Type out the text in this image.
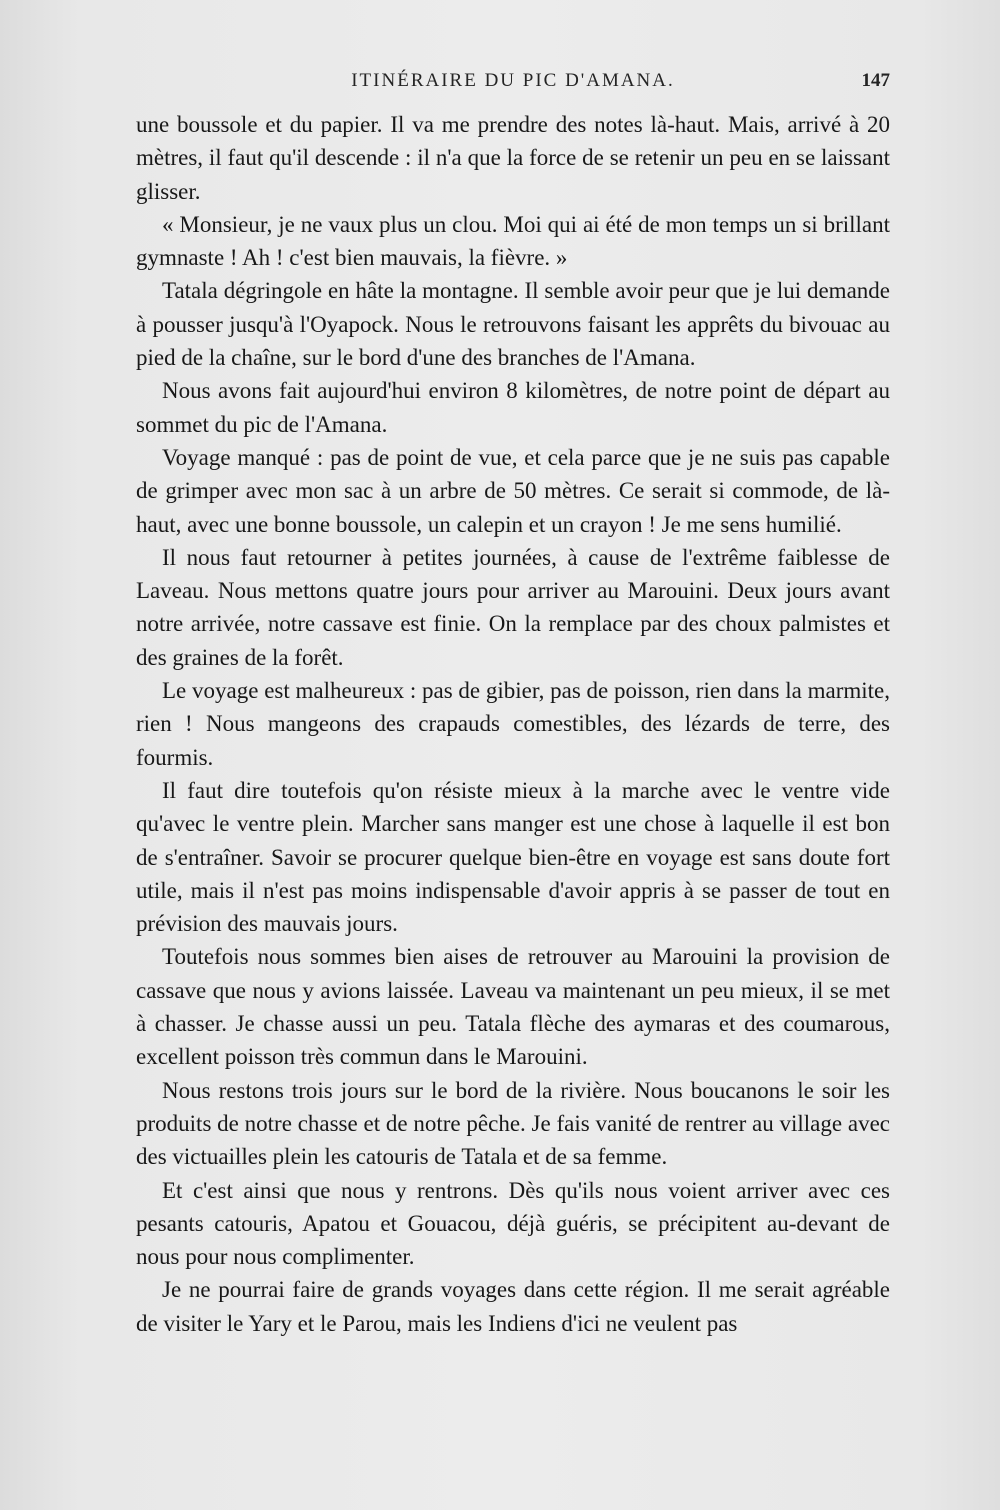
ITINÉRAIRE DU PIC D'AMANA.	147

une boussole et du papier. Il va me prendre des notes là-haut. Mais, arrivé à 20 mètres, il faut qu'il descende : il n'a que la force de se retenir un peu en se laissant glisser.

« Monsieur, je ne vaux plus un clou. Moi qui ai été de mon temps un si brillant gymnaste ! Ah ! c'est bien mauvais, la fièvre. »

Tatala dégringole en hâte la montagne. Il semble avoir peur que je lui demande à pousser jusqu'à l'Oyapock. Nous le retrouvons faisant les apprêts du bivouac au pied de la chaîne, sur le bord d'une des branches de l'Amana.

Nous avons fait aujourd'hui environ 8 kilomètres, de notre point de départ au sommet du pic de l'Amana.

Voyage manqué : pas de point de vue, et cela parce que je ne suis pas capable de grimper avec mon sac à un arbre de 50 mètres. Ce serait si commode, de là-haut, avec une bonne boussole, un calepin et un crayon ! Je me sens humilié.

Il nous faut retourner à petites journées, à cause de l'extrême faiblesse de Laveau. Nous mettons quatre jours pour arriver au Marouini. Deux jours avant notre arrivée, notre cassave est finie. On la remplace par des choux palmistes et des graines de la forêt.

Le voyage est malheureux : pas de gibier, pas de poisson, rien dans la marmite, rien ! Nous mangeons des crapauds comestibles, des lézards de terre, des fourmis.

Il faut dire toutefois qu'on résiste mieux à la marche avec le ventre vide qu'avec le ventre plein. Marcher sans manger est une chose à laquelle il est bon de s'entraîner. Savoir se procurer quelque bien-être en voyage est sans doute fort utile, mais il n'est pas moins indispensable d'avoir appris à se passer de tout en prévision des mauvais jours.

Toutefois nous sommes bien aises de retrouver au Marouini la provision de cassave que nous y avions laissée. Laveau va maintenant un peu mieux, il se met à chasser. Je chasse aussi un peu. Tatala flèche des aymaras et des coumarous, excellent poisson très commun dans le Marouini.

Nous restons trois jours sur le bord de la rivière. Nous boucanons le soir les produits de notre chasse et de notre pêche. Je fais vanité de rentrer au village avec des victuailles plein les catouris de Tatala et de sa femme.

Et c'est ainsi que nous y rentrons. Dès qu'ils nous voient arriver avec ces pesants catouris, Apatou et Gouacou, déjà guéris, se précipitent au-devant de nous pour nous complimenter.

Je ne pourrai faire de grands voyages dans cette région. Il me serait agréable de visiter le Yary et le Parou, mais les Indiens d'ici ne veulent pas
